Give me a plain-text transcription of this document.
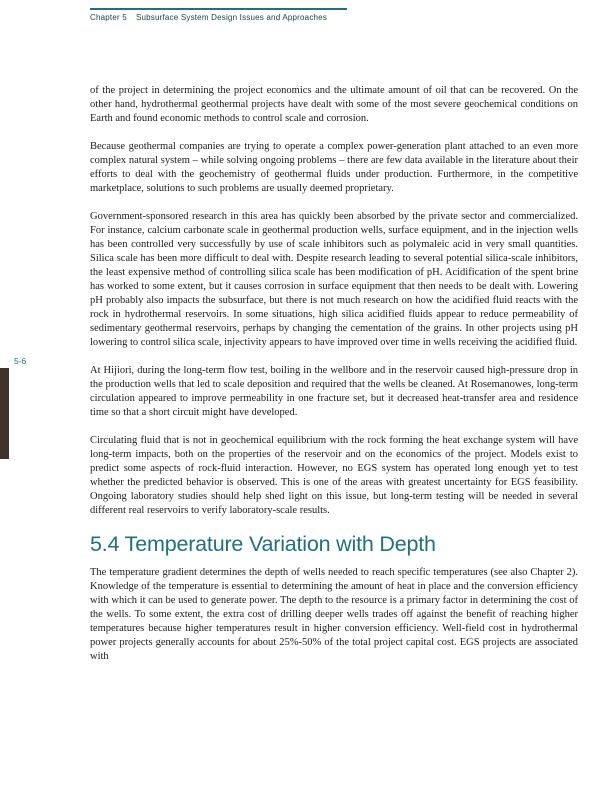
Chapter 5 Subsurface System Design Issues and Approaches
5-6

of the project in determining the project economics and the ultimate amount of oil that can be recovered. On the other hand, hydrothermal geothermal projects have dealt with some of the most severe geochemical conditions on Earth and found economic methods to control scale and corrosion.

Because geothermal companies are trying to operate a complex power-generation plant attached to an even more complex natural system – while solving ongoing problems – there are few data available in the literature about their efforts to deal with the geochemistry of geothermal fluids under production. Furthermore, in the competitive marketplace, solutions to such problems are usually deemed proprietary.

Government-sponsored research in this area has quickly been absorbed by the private sector and commercialized. For instance, calcium carbonate scale in geothermal production wells, surface equipment, and in the injection wells has been controlled very successfully by use of scale inhibitors such as polymaleic acid in very small quantities. Silica scale has been more difficult to deal with. Despite research leading to several potential silica-scale inhibitors, the least expensive method of controlling silica scale has been modification of pH. Acidification of the spent brine has worked to some extent, but it causes corrosion in surface equipment that then needs to be dealt with. Lowering pH probably also impacts the subsurface, but there is not much research on how the acidified fluid reacts with the rock in hydrothermal reservoirs. In some situations, high silica acidified fluids appear to reduce permeability of sedimentary geothermal reservoirs, perhaps by changing the cementation of the grains. In other projects using pH lowering to control silica scale, injectivity appears to have improved over time in wells receiving the acidified fluid.

At Hijiori, during the long-term flow test, boiling in the wellbore and in the reservoir caused high-pressure drop in the production wells that led to scale deposition and required that the wells be cleaned. At Rosemanowes, long-term circulation appeared to improve permeability in one fracture set, but it decreased heat-transfer area and residence time so that a short circuit might have developed.

Circulating fluid that is not in geochemical equilibrium with the rock forming the heat exchange system will have long-term impacts, both on the properties of the reservoir and on the economics of the project. Models exist to predict some aspects of rock-fluid interaction. However, no EGS system has operated long enough yet to test whether the predicted behavior is observed. This is one of the areas with greatest uncertainty for EGS feasibility. Ongoing laboratory studies should help shed light on this issue, but long-term testing will be needed in several different real reservoirs to verify laboratory-scale results.

5.4 Temperature Variation with Depth

The temperature gradient determines the depth of wells needed to reach specific temperatures (see also Chapter 2). Knowledge of the temperature is essential to determining the amount of heat in place and the conversion efficiency with which it can be used to generate power. The depth to the resource is a primary factor in determining the cost of the wells. To some extent, the extra cost of drilling deeper wells trades off against the benefit of reaching higher temperatures because higher temperatures result in higher conversion efficiency. Well-field cost in hydrothermal power projects generally accounts for about 25%-50% of the total project capital cost. EGS projects are associated with
